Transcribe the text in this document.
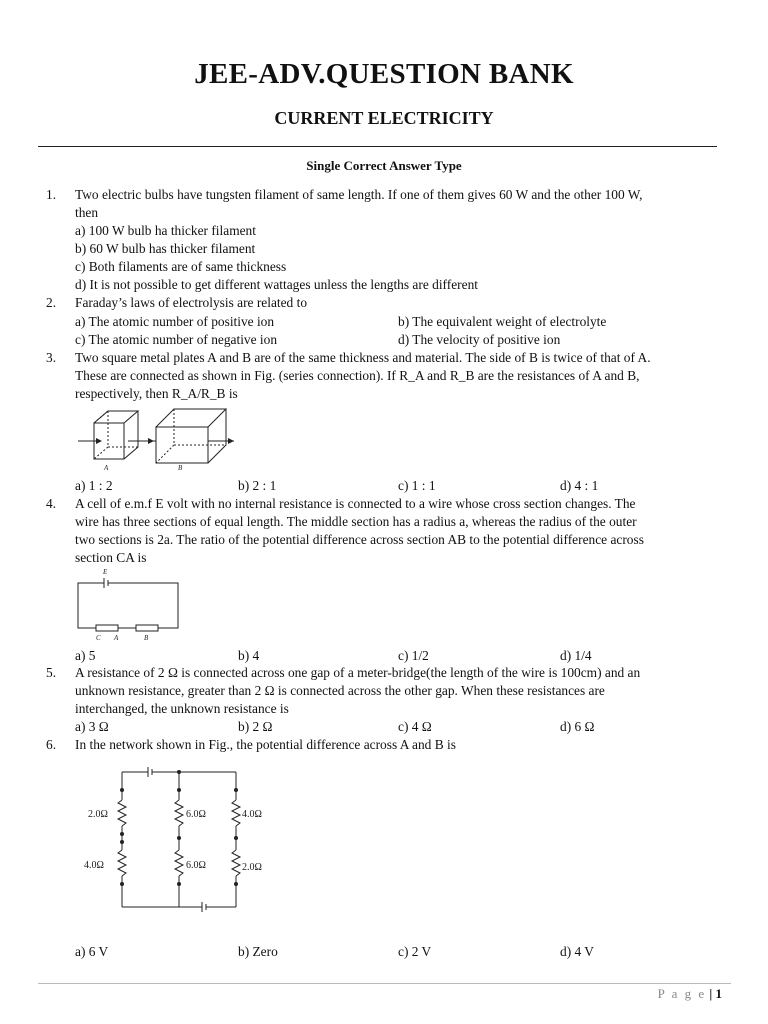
JEE-ADV.QUESTION BANK
CURRENT ELECTRICITY
Single Correct Answer Type
1. Two electric bulbs have tungsten filament of same length. If one of them gives 60 W and the other 100 W,
then
a) 100 W bulb ha thicker filament
b) 60 W bulb has thicker filament
c) Both filaments are of same thickness
d) It is not possible to get different wattages unless the lengths are different
2. Faraday’s laws of electrolysis are related to
a) The atomic number of positive ion	b) The equivalent weight of electrolyte
c) The atomic number of negative ion	d) The velocity of positive ion
3. Two square metal plates A and B are of the same thickness and material. The side of B is twice of that of A.
These are connected as shown in Fig. (series connection). If R_A and R_B are the resistances of A and B,
respectively, then R_A/R_B is
A	B
a) 1 : 2	b) 2 : 1	c) 1 : 1	d) 4 : 1
4. A cell of e.m.f E volt with no internal resistance is connected to a wire whose cross section changes. The
wire has three sections of equal length. The middle section has a radius a, whereas the radius of the outer
two sections is 2a. The ratio of the potential difference across section AB to the potential difference across
section CA is
E
C A	B
a) 5	b) 4	c) 1/2	d) 1/4
5. A resistance of 2 Ω is connected across one gap of a meter-bridge(the length of the wire is 100cm) and an
unknown resistance, greater than 2 Ω is connected across the other gap. When these resistances are
interchanged, the unknown resistance is
a) 3 Ω	b) 2 Ω	c) 4 Ω	d) 6 Ω
6. In the network shown in Fig., the potential difference across A and B is
2.0Ω	6.0Ω	4.0Ω
4.0Ω	6.0Ω	2.0Ω
a) 6 V	b) Zero	c) 2 V	d) 4 V
P a g e | 1
